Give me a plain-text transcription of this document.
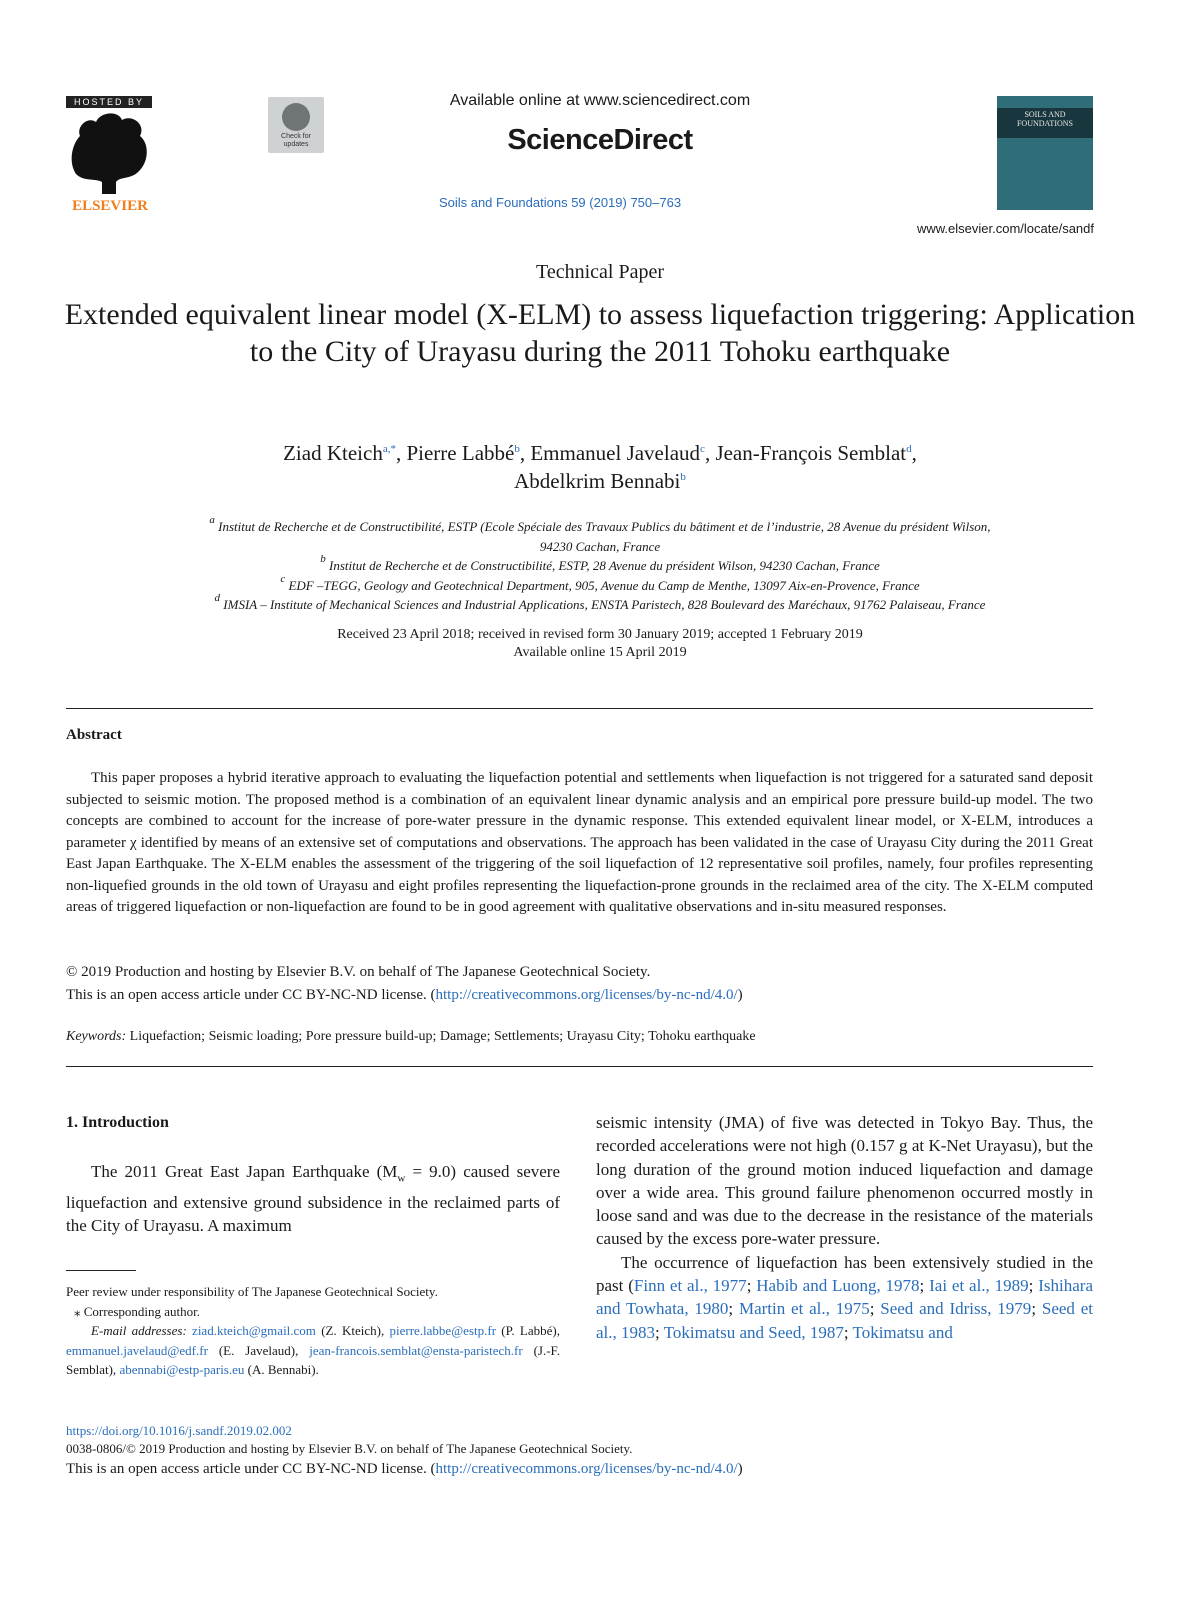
HOSTED BY
ELSEVIER
Check for updates
Available online at www.sciencedirect.com
ScienceDirect
Soils and Foundations 59 (2019) 750–763
www.elsevier.com/locate/sandf
SOILS AND FOUNDATIONS
Technical Paper
Extended equivalent linear model (X-ELM) to assess liquefaction triggering: Application to the City of Urayasu during the 2011 Tohoku earthquake
Ziad Kteich$^{a,*}$, Pierre Labbé$^b$, Emmanuel Javelaud$^c$, Jean-François Semblat$^d$,
Abdelkrim Bennabi$^b$
$^a$ Institut de Recherche et de Constructibilité, ESTP (Ecole Spéciale des Travaux Publics du bâtiment et de l’industrie, 28 Avenue du président Wilson,
94230 Cachan, France
$^b$ Institut de Recherche et de Constructibilité, ESTP, 28 Avenue du président Wilson, 94230 Cachan, France
$^c$ EDF –TEGG, Geology and Geotechnical Department, 905, Avenue du Camp de Menthe, 13097 Aix-en-Provence, France
$^d$ IMSIA – Institute of Mechanical Sciences and Industrial Applications, ENSTA Paristech, 828 Boulevard des Maréchaux, 91762 Palaiseau, France
Received 23 April 2018; received in revised form 30 January 2019; accepted 1 February 2019
Available online 15 April 2019
Abstract

This paper proposes a hybrid iterative approach to evaluating the liquefaction potential and settlements when liquefaction is not triggered for a saturated sand deposit subjected to seismic motion. The proposed method is a combination of an equivalent linear dynamic analysis and an empirical pore pressure build-up model. The two concepts are combined to account for the increase of pore-water pressure in the dynamic response. This extended equivalent linear model, or X-ELM, introduces a parameter χ identified by means of an extensive set of computations and observations. The approach has been validated in the case of Urayasu City during the 2011 Great East Japan Earthquake. The X-ELM enables the assessment of the triggering of the soil liquefaction of 12 representative soil profiles, namely, four profiles representing non-liquefied grounds in the old town of Urayasu and eight profiles representing the liquefaction-prone grounds in the reclaimed area of the city. The X-ELM computed areas of triggered liquefaction or non-liquefaction are found to be in good agreement with qualitative observations and in-situ measured responses.

© 2019 Production and hosting by Elsevier B.V. on behalf of The Japanese Geotechnical Society.
This is an open access article under CC BY-NC-ND license. (http://creativecommons.org/licenses/by-nc-nd/4.0/)
Keywords: Liquefaction; Seismic loading; Pore pressure build-up; Damage; Settlements; Urayasu City; Tohoku earthquake
1. Introduction

The 2011 Great East Japan Earthquake $(M_w = 9.0)$ caused severe liquefaction and extensive ground subsidence in the reclaimed parts of the City of Urayasu. A maximum

Peer review under responsibility of The Japanese Geotechnical Society.

⁎ Corresponding author.

E-mail addresses: ziad.kteich@gmail.com (Z. Kteich), pierre.labbe@estp.fr (P. Labbé), emmanuel.javelaud@edf.fr (E. Javelaud), jean-francois.semblat@ensta-paristech.fr (J.-F. Semblat), abennabi@estp-paris.eu (A. Bennabi).

seismic intensity (JMA) of five was detected in Tokyo Bay. Thus, the recorded accelerations were not high (0.157 g at K-Net Urayasu), but the long duration of the ground motion induced liquefaction and damage over a wide area. This ground failure phenomenon occurred mostly in loose sand and was due to the decrease in the resistance of the materials caused by the excess pore-water pressure.

The occurrence of liquefaction has been extensively studied in the past (Finn et al., 1977; Habib and Luong, 1978; Iai et al., 1989; Ishihara and Towhata, 1980; Martin et al., 1975; Seed and Idriss, 1979; Seed et al., 1983; Tokimatsu and Seed, 1987; Tokimatsu and

https://doi.org/10.1016/j.sandf.2019.02.002
0038-0806/© 2019 Production and hosting by Elsevier B.V. on behalf of The Japanese Geotechnical Society.
This is an open access article under CC BY-NC-ND license. (http://creativecommons.org/licenses/by-nc-nd/4.0/)
